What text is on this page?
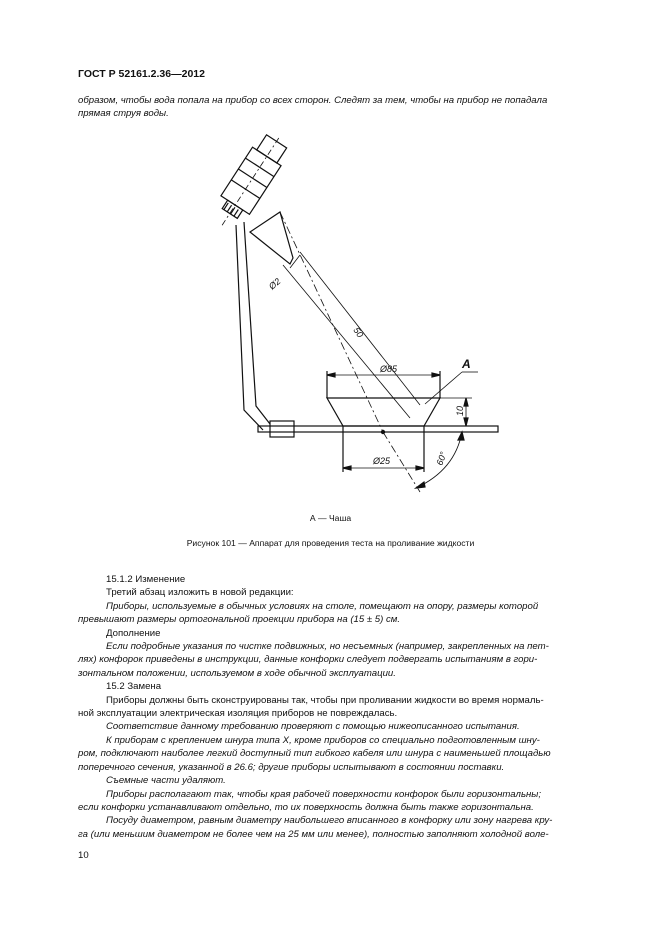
ГОСТ Р 52161.2.36—2012
образом, чтобы вода попала на прибор со всех сторон. Следят за тем, чтобы на прибор не попадала
прямая струя воды.
Ø2
50
Ø85	A
10
Ø25	60°
А — Чаша
Рисунок 101 — Аппарат для проведения теста на проливание жидкости
15.1.2 Изменение
Третий абзац изложить в новой редакции:
Приборы, используемые в обычных условиях на столе, помещают на опору, размеры которой
превышают размеры ортогональной проекции прибора на (15 ± 5) см.
Дополнение
Если подробные указания по чистке подвижных, но несъемных (например, закрепленных на пет-
лях) конфорок приведены в инструкции, данные конфорки следует подвергать испытаниям в гори-
зонтальном положении, используемом в ходе обычной эксплуатации.
15.2 Замена
Приборы должны быть сконструированы так, чтобы при проливании жидкости во время нормаль-
ной эксплуатации электрическая изоляция приборов не повреждалась.
Соответствие данному требованию проверяют с помощью нижеописанного испытания.
К приборам с креплением шнура типа X, кроме приборов со специально подготовленным шну-
ром, подключают наиболее легкий доступный тип гибкого кабеля или шнура с наименьшей площадью
поперечного сечения, указанной в 26.6; другие приборы испытывают в состоянии поставки.
Съемные части удаляют.
Приборы располагают так, чтобы края рабочей поверхности конфорок были горизонтальны;
если конфорки устанавливают отдельно, то их поверхность должна быть также горизонтальна.
Посуду диаметром, равным диаметру наибольшего вписанного в конфорку или зону нагрева кру-
га (или меньшим диаметром не более чем на 25 мм или менее), полностью заполняют холодной воле-
10
